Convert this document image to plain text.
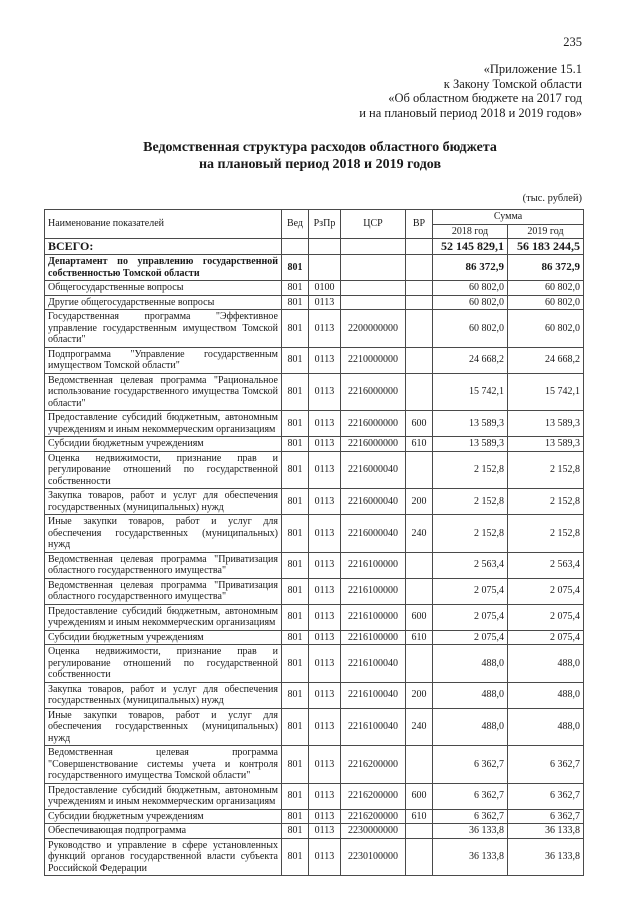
235
«Приложение 15.1
к Закону Томской области
«Об областном бюджете на 2017 год
и на плановый период 2018 и 2019 годов»
Ведомственная структура расходов областного бюджета
на плановый период 2018 и 2019 годов
(тыс. рублей)
Наименование показателей	Вед	РзПр	ЦСР	ВР	Сумма	
					2018 год	2019 год
ВСЕГО:					52 145 829,1	56 183 244,5
Департамент по управлению государственной собственностью Томской области	801				86 372,9	86 372,9
Общегосударственные вопросы	801	0100			60 802,0	60 802,0
Другие общегосударственные вопросы	801	0113			60 802,0	60 802,0
Государственная программа "Эффективное управление государственным имуществом Томской области"	801	0113	2200000000		60 802,0	60 802,0
Подпрограмма "Управление государственным имуществом Томской области"	801	0113	2210000000		24 668,2	24 668,2
Ведомственная целевая программа "Рациональное использование государственного имущества Томской области"	801	0113	2216000000		15 742,1	15 742,1
Предоставление субсидий бюджетным, автономным учреждениям и иным некоммерческим организациям	801	0113	2216000000	600	13 589,3	13 589,3
Субсидии бюджетным учреждениям	801	0113	2216000000	610	13 589,3	13 589,3
Оценка недвижимости, признание прав и регулирование отношений по государственной собственности	801	0113	2216000040		2 152,8	2 152,8
Закупка товаров, работ и услуг для обеспечения государственных (муниципальных) нужд	801	0113	2216000040	200	2 152,8	2 152,8
Иные закупки товаров, работ и услуг для обеспечения государственных (муниципальных) нужд	801	0113	2216000040	240	2 152,8	2 152,8
Ведомственная целевая программа "Приватизация областного государственного имущества"	801	0113	2216100000		2 563,4	2 563,4
Ведомственная целевая программа "Приватизация областного государственного имущества"	801	0113	2216100000		2 075,4	2 075,4
Предоставление субсидий бюджетным, автономным учреждениям и иным некоммерческим организациям	801	0113	2216100000	600	2 075,4	2 075,4
Субсидии бюджетным учреждениям	801	0113	2216100000	610	2 075,4	2 075,4
Оценка недвижимости, признание прав и регулирование отношений по государственной собственности	801	0113	2216100040		488,0	488,0
Закупка товаров, работ и услуг для обеспечения государственных (муниципальных) нужд	801	0113	2216100040	200	488,0	488,0
Иные закупки товаров, работ и услуг для обеспечения государственных (муниципальных) нужд	801	0113	2216100040	240	488,0	488,0
Ведомственная целевая программа "Совершенствование системы учета и контроля государственного имущества Томской области"	801	0113	2216200000		6 362,7	6 362,7
Предоставление субсидий бюджетным, автономным учреждениям и иным некоммерческим организациям	801	0113	2216200000	600	6 362,7	6 362,7
Субсидии бюджетным учреждениям	801	0113	2216200000	610	6 362,7	6 362,7
Обеспечивающая подпрограмма	801	0113	2230000000		36 133,8	36 133,8
Руководство и управление в сфере установленных функций органов государственной власти субъекта Российской Федерации	801	0113	2230100000		36 133,8	36 133,8
